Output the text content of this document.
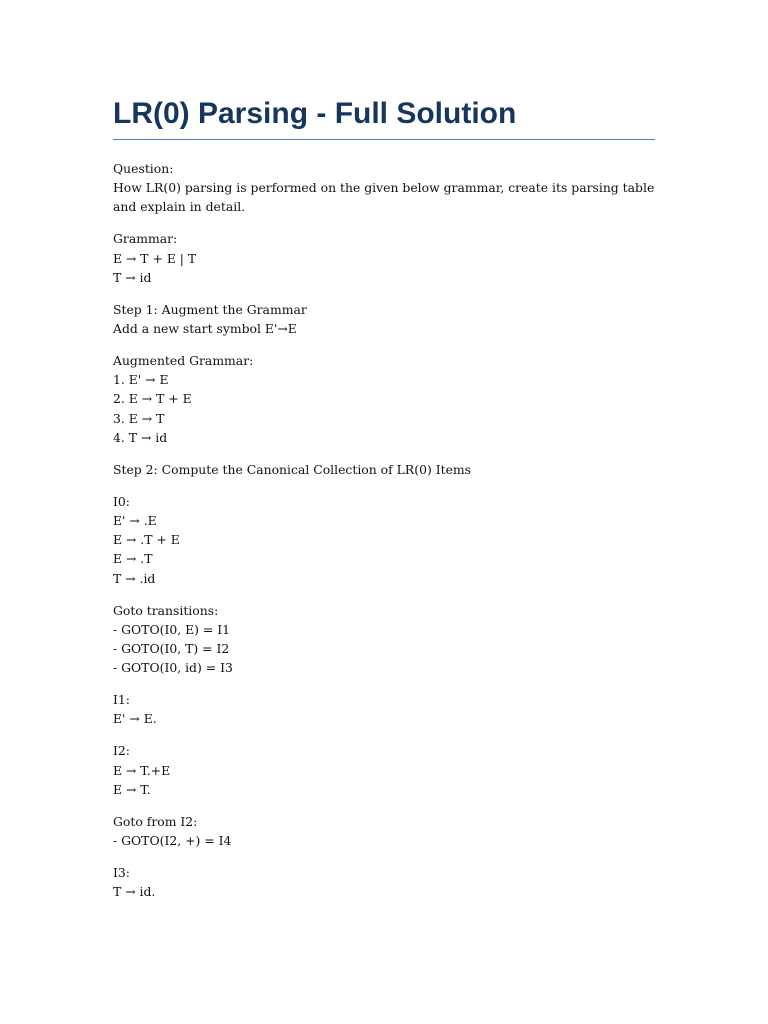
LR(0) Parsing - Full Solution
Question:
How LR(0) parsing is performed on the given below grammar, create its parsing table and explain in detail.
Grammar:
E → T + E | T
T → id
Step 1: Augment the Grammar
Add a new start symbol E'→E
Augmented Grammar:
1. E' → E
2. E → T + E
3. E → T
4. T → id
Step 2: Compute the Canonical Collection of LR(0) Items
I0:
E' → .E
E → .T + E
E → .T
T → .id
Goto transitions:
- GOTO(I0, E) = I1
- GOTO(I0, T) = I2
- GOTO(I0, id) = I3
I1:
E' → E.
I2:
E → T.+E
E → T.
Goto from I2:
- GOTO(I2, +) = I4
I3:
T → id.
